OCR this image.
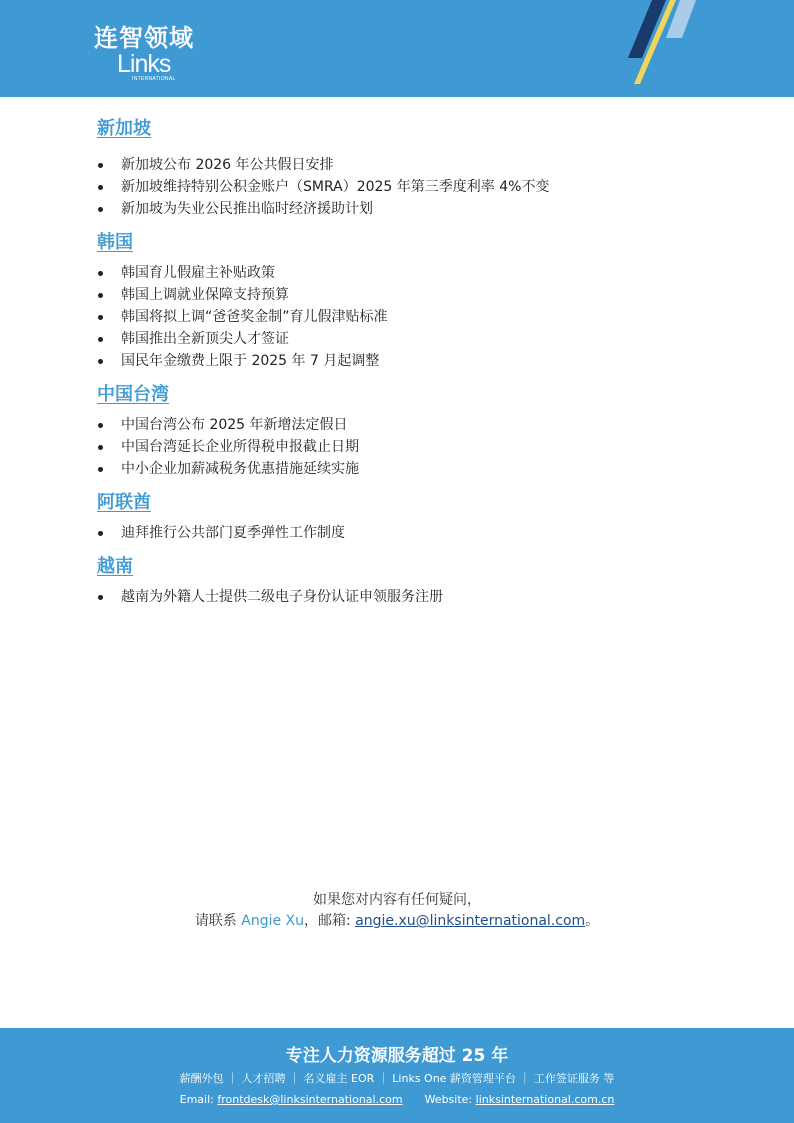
连智领域
Links
INTERNATIONAL
新加坡
新加坡公布 2026 年公共假日安排
新加坡维持特别公积金账户（SMRA）2025 年第三季度利率 4%不变
新加坡为失业公民推出临时经济援助计划
韩国
韩国育儿假雇主补贴政策
韩国上调就业保障支持预算
韩国将拟上调“爸爸奖金制”育儿假津贴标准
韩国推出全新顶尖人才签证
国民年金缴费上限于 2025 年 7 月起调整
中国台湾
中国台湾公布 2025 年新增法定假日
中国台湾延长企业所得税申报截止日期
中小企业加薪减税务优惠措施延续实施
阿联酋
迪拜推行公共部门夏季弹性工作制度
越南
越南为外籍人士提供二级电子身份认证申领服务注册
如果您对内容有任何疑问，
请联系 Angie Xu，邮箱: angie.xu@linksinternational.com。
专注人力资源服务超过 25 年
薪酬外包 ｜ 人才招聘 ｜ 名义雇主 EOR ｜ Links One 薪资管理平台 ｜ 工作签证服务 等
Email: frontdesk@linksinternational.com Website: linksinternational.com.cn
